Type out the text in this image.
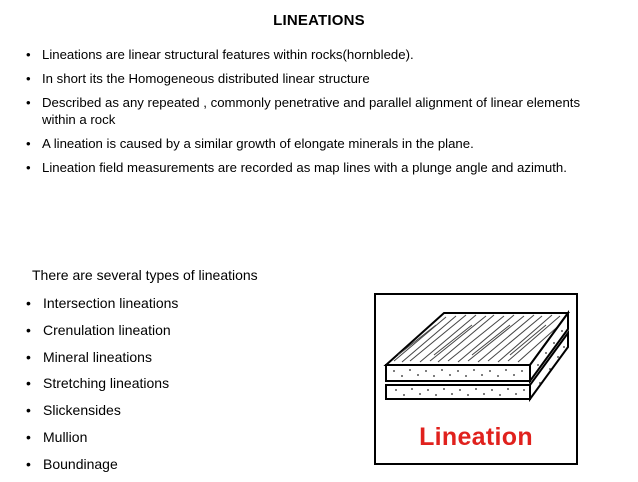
LINEATIONS
• Lineations are linear structural features within rocks(hornblede).
• In short its the Homogeneous distributed linear structure
• Described as any repeated , commonly penetrative and parallel alignment of linear elements within a rock
• A lineation is caused by a similar growth of elongate minerals in the plane.
• Lineation field measurements are recorded as map lines with a plunge angle and azimuth.
There are several types of lineations
• Intersection lineations
• Crenulation lineation
• Mineral lineations
• Stretching lineations
• Slickensides
• Mullion
• Boundinage
Lineation
